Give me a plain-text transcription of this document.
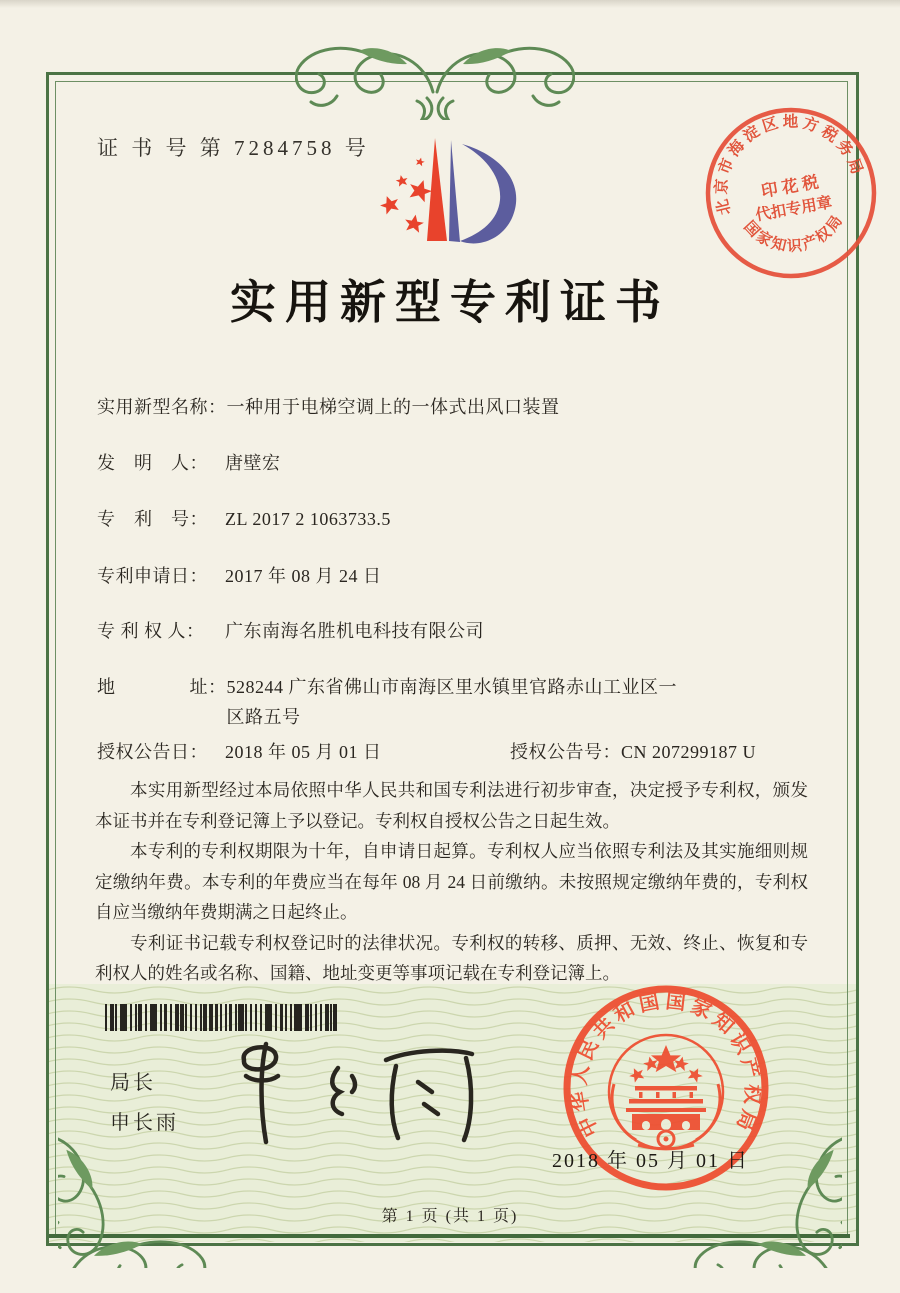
证 书 号 第 7284758 号
北京市海淀区地方税务局
国家知识产权局
印 花 税
代扣专用章
实用新型专利证书
实用新型名称： 一种用于电梯空调上的一体式出风口装置
发　明　人： 唐壁宏
专　利　号： ZL 2017 2 1063733.5
专利申请日： 2017 年 08 月 24 日
专 利 权 人：	广东南海名胜机电科技有限公司
地　　　　址： 528244 广东省佛山市南海区里水镇里官路赤山工业区一
区路五号
授权公告日： 2018 年 05 月 01 日	授权公告号： CN 207299187 U

本实用新型经过本局依照中华人民共和国专利法进行初步审查，决定授予专利权，颁发本证书并在专利登记簿上予以登记。专利权自授权公告之日起生效。

本专利的专利权期限为十年，自申请日起算。专利权人应当依照专利法及其实施细则规定缴纳年费。本专利的年费应当在每年 08 月 24 日前缴纳。未按照规定缴纳年费的，专利权自应当缴纳年费期满之日起终止。

专利证书记载专利权登记时的法律状况。专利权的转移、质押、无效、终止、恢复和专利权人的姓名或名称、国籍、地址变更等事项记载在专利登记簿上。

局长
申长雨	中华人民共和国国家知识产权局
2018 年 05 月 01 日
第 1 页 (共 1 页)
